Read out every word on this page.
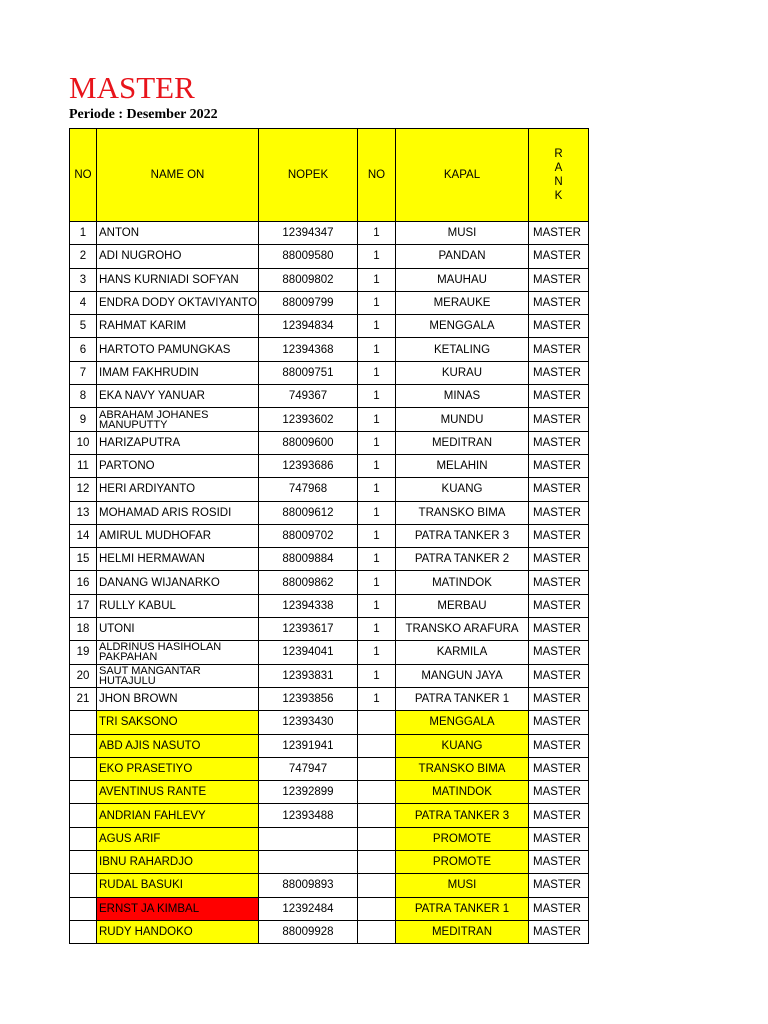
MASTER
Periode : Desember 2022
NO	NAME ON	NOPEK	NO	KAPAL	R
A
N
K

1	ANTON	12394347	1	MUSI	MASTER
2	ADI NUGROHO	88009580	1	PANDAN	MASTER
3	HANS KURNIADI SOFYAN	88009802	1	MAUHAU	MASTER
4	ENDRA DODY OKTAVIYANTO	88009799	1	MERAUKE	MASTER
5	RAHMAT KARIM	12394834	1	MENGGALA	MASTER
6	HARTOTO PAMUNGKAS	12394368	1	KETALING	MASTER
7	IMAM FAKHRUDIN	88009751	1	KURAU	MASTER
8	EKA NAVY YANUAR	749367	1	MINAS	MASTER
9	ABRAHAM JOHANES MANUPUTTY	12393602	1	MUNDU	MASTER
10	HARIZAPUTRA	88009600	1	MEDITRAN	MASTER
11	PARTONO	12393686	1	MELAHIN	MASTER
12	HERI ARDIYANTO	747968	1	KUANG	MASTER
13	MOHAMAD ARIS ROSIDI	88009612	1	TRANSKO BIMA	MASTER
14	AMIRUL MUDHOFAR	88009702	1	PATRA TANKER 3	MASTER
15	HELMI HERMAWAN	88009884	1	PATRA TANKER 2	MASTER
16	DANANG WIJANARKO	88009862	1	MATINDOK	MASTER
17	RULLY KABUL	12394338	1	MERBAU	MASTER
18	UTONI	12393617	1	TRANSKO ARAFURA	MASTER
19	ALDRINUS HASIHOLAN PAKPAHAN	12394041	1	KARMILA	MASTER
20	SAUT MANGANTAR HUTAJULU	12393831	1	MANGUN JAYA	MASTER
21	JHON BROWN	12393856	1	PATRA TANKER 1	MASTER
	TRI SAKSONO	12393430		MENGGALA	MASTER
	ABD AJIS NASUTO	12391941		KUANG	MASTER
	EKO PRASETIYO	747947		TRANSKO BIMA	MASTER
	AVENTINUS RANTE	12392899		MATINDOK	MASTER
	ANDRIAN FAHLEVY	12393488		PATRA TANKER 3	MASTER
	AGUS ARIF			PROMOTE	MASTER
	IBNU RAHARDJO			PROMOTE	MASTER
	RUDAL BASUKI	88009893		MUSI	MASTER
	ERNST JA KIMBAL	12392484		PATRA TANKER 1	MASTER
	RUDY HANDOKO	88009928		MEDITRAN	MASTER
